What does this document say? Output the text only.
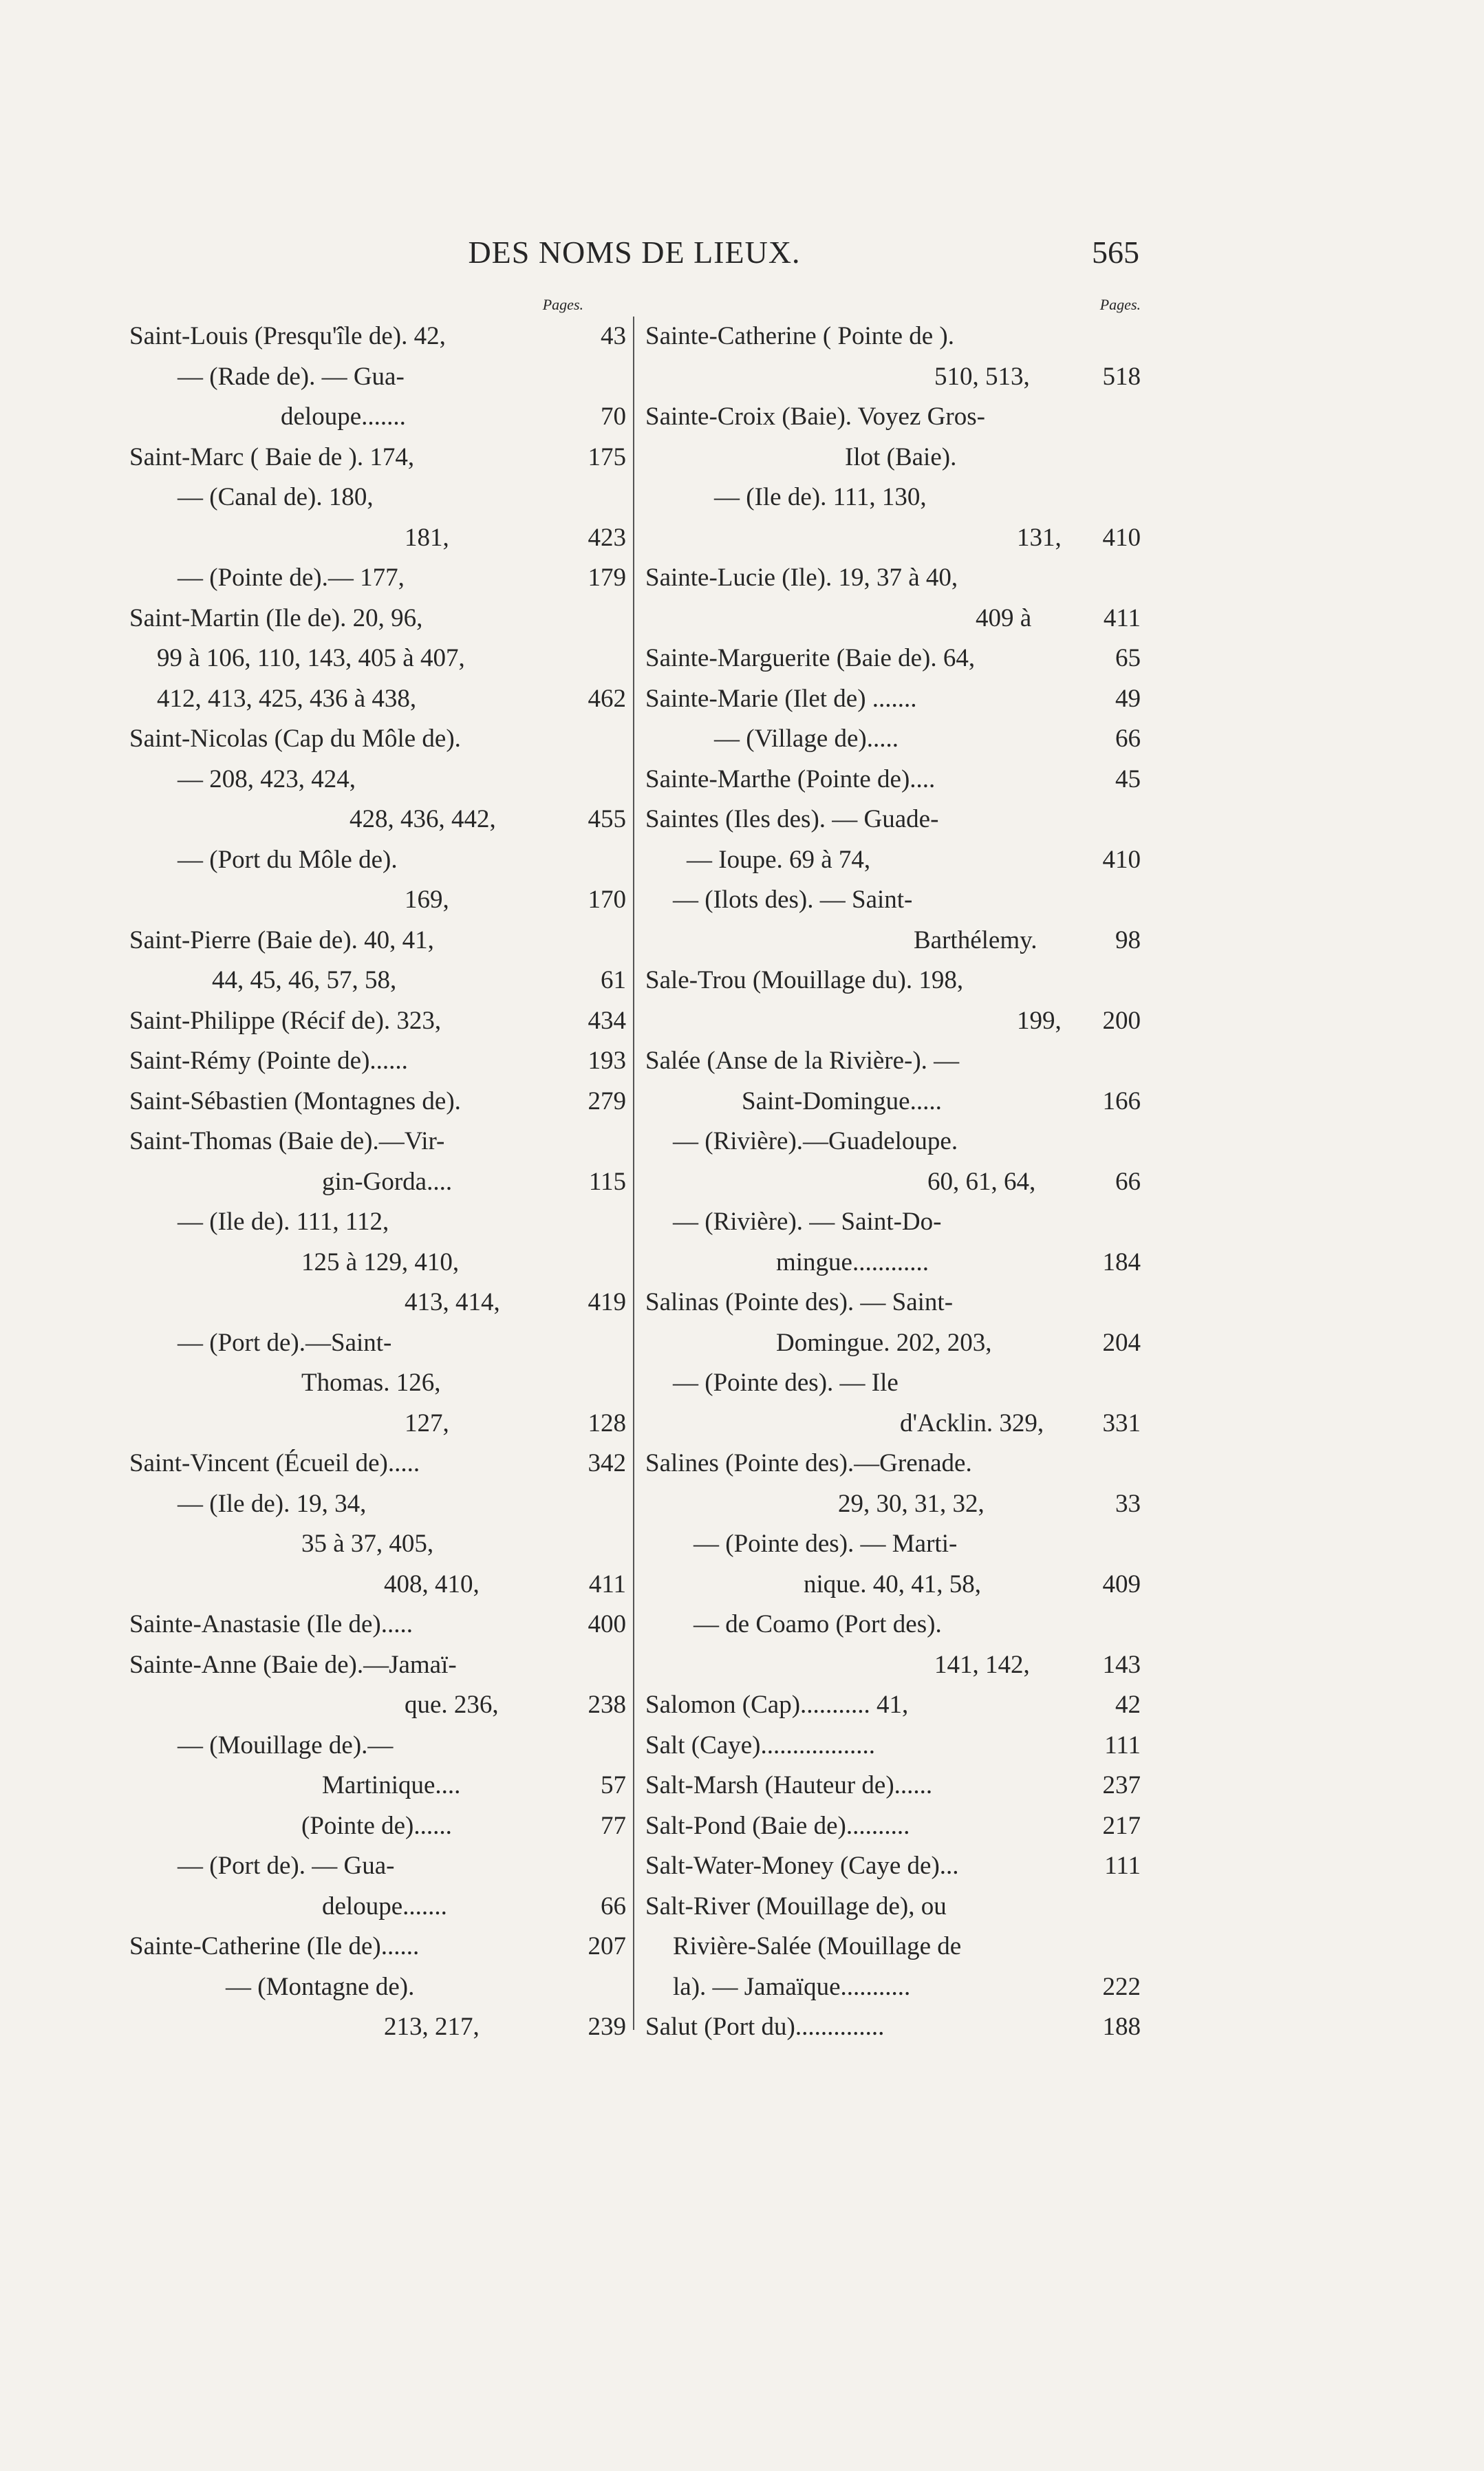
DES NOMS DE LIEUX.	565
Pages.
Saint-Louis (Presqu'île de). 42,	43
— (Rade de). — Gua-
deloupe.......	70
Saint-Marc ( Baie de ). 174,	175
— (Canal de). 180,
181,	423
— (Pointe de).— 177,	179
Saint-Martin (Ile de). 20, 96,
99 à 106, 110, 143, 405 à 407,
412, 413, 425, 436 à 438,	462
Saint-Nicolas (Cap du Môle de).
— 208, 423, 424,
428, 436, 442,	455
— (Port du Môle de).
169,	170
Saint-Pierre (Baie de). 40, 41,
44, 45, 46, 57, 58,	61
Saint-Philippe (Récif de). 323,	434
Saint-Rémy (Pointe de)......	193
Saint-Sébastien (Montagnes de).	279
Saint-Thomas (Baie de).—Vir-
gin-Gorda....	115
— (Ile de). 111, 112,
125 à 129, 410,
413, 414,	419
— (Port de).—Saint-
Thomas. 126,
127,	128
Saint-Vincent (Écueil de).....	342
— (Ile de). 19, 34,
35 à 37, 405,
408, 410,	411
Sainte-Anastasie (Ile de).....	400
Sainte-Anne (Baie de).—Jamaï-
que. 236,	238
— (Mouillage de).—
Martinique....	57
(Pointe de)......	77
— (Port de). — Gua-
deloupe.......	66
Sainte-Catherine (Ile de)......	207
— (Montagne de).
213, 217,	239
Pages.
Sainte-Catherine ( Pointe de ).
510, 513,	518
Sainte-Croix (Baie). Voyez Gros-
Ilot (Baie).
— (Ile de). 111, 130,
131,	410
Sainte-Lucie (Ile). 19, 37 à 40,
409 à	411
Sainte-Marguerite (Baie de). 64,	65
Sainte-Marie (Ilet de) .......	49
— (Village de).....	66
Sainte-Marthe (Pointe de)....	45
Saintes (Iles des). — Guade-
— Ioupe. 69 à 74,	410
— (Ilots des). — Saint-
Barthélemy.	98
Sale-Trou (Mouillage du). 198,
199,	200
Salée (Anse de la Rivière-). —
Saint-Domingue.....	166
— (Rivière).—Guadeloupe.
60, 61, 64,	66
— (Rivière). — Saint-Do-
mingue............	184
Salinas (Pointe des). — Saint-
Domingue. 202, 203,	204
— (Pointe des). — Ile
d'Acklin. 329,	331
Salines (Pointe des).—Grenade.
29, 30, 31, 32,	33
— (Pointe des). — Marti-
nique. 40, 41, 58,	409
— de Coamo (Port des).
141, 142,	143
Salomon (Cap)........... 41,	42
Salt (Caye)..................	111
Salt-Marsh (Hauteur de)......	237
Salt-Pond (Baie de)..........	217
Salt-Water-Money (Caye de)...	111
Salt-River (Mouillage de), ou
Rivière-Salée (Mouillage de
la). — Jamaïque...........	222
Salut (Port du)..............	188
